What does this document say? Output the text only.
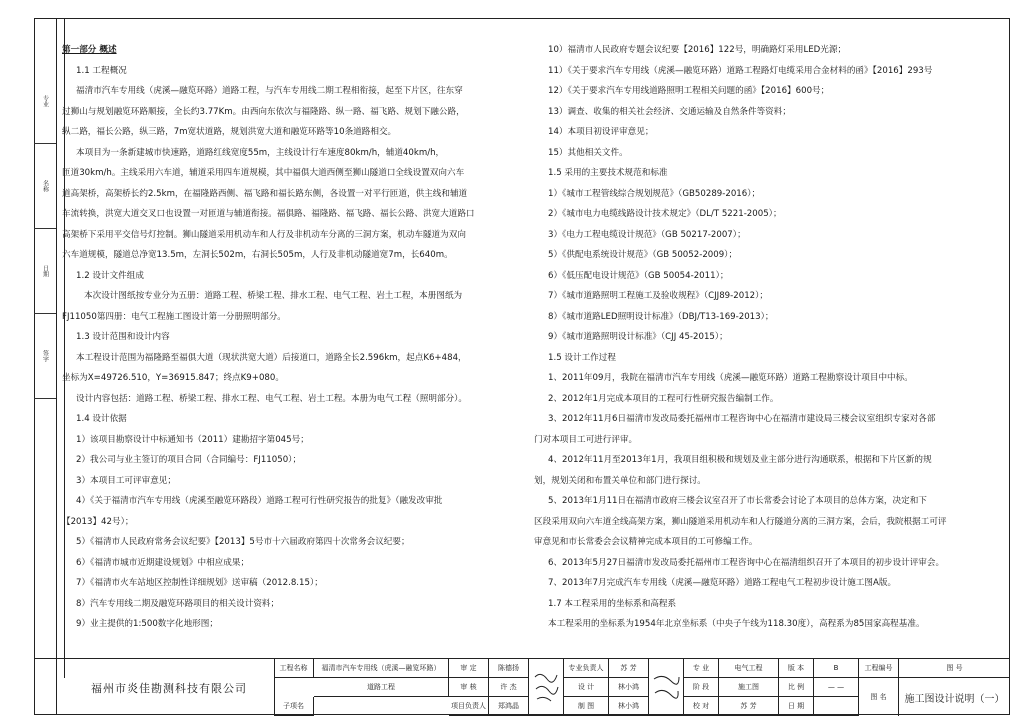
专业
名称
日期
签字

第一部分 概述

1.1 工程概况

福清市汽车专用线（虎溪—融览环路）道路工程，与汽车专用线二期工程相衔接，起至下片区，往东穿

过狮山与规划融览环路顺接，全长约3.77Km。由西向东依次与福隆路、纵一路、福飞路、规划下融公路，

纵二路，福长公路，纵三路，7m宽状道路，规划洪宽大道和融览环路等10条道路相交。

本项目为一条新建城市快速路，道路红线宽度55m，主线设计行车速度80km/h，辅道40km/h，

匝道30km/h。主线采用六车道，辅道采用四车道规模，其中福俱大道西侧至狮山隧道口全线设置双向六车

道高架桥，高架桥长约2.5km，在福隆路西侧、福飞路和福长路东侧，各设置一对平行匝道，供主线和辅道

车流转换，洪宽大道交叉口也设置一对匝道与辅道衔接。福俱路、福隆路、福飞路、福长公路、洪宽大道路口

高架桥下采用平交信号灯控制。狮山隧道采用机动车和人行及非机动车分离的三洞方案，机动车隧道为双向

六车道规模，隧道总净宽13.5m，左洞长502m，右洞长505m，人行及非机动隧道宽7m，长640m。

1.2 设计文件组成

本次设计图纸按专业分为五册：道路工程、桥梁工程、排水工程、电气工程、岩土工程，本册图纸为

FJ11050第四册：电气工程施工图设计第一分册照明部分。

1.3 设计范围和设计内容

本工程设计范围为福隆路至福俱大道（现状洪宽大道）后接道口，道路全长2.596km，起点K6+484，

坐标为X=49726.510，Y=36915.847；终点K9+080。

设计内容包括：道路工程、桥梁工程、排水工程、电气工程、岩土工程。本册为电气工程（照明部分）。

1.4 设计依据

1）该项目勘察设计中标通知书（2011）建勘招字第045号；

2）我公司与业主签订的项目合同（合同编号：FJ11050）；

3）本项目工可评审意见；

4）《关于福清市汽车专用线（虎溪至融览环路段）道路工程可行性研究报告的批复》（融发改审批

【2013】42号）；

5）《福清市人民政府常务会议纪要》【2013】5号市十六届政府第四十次常务会议纪要；

6）《福清市城市近期建设规划》中相应成果；

7）《福清市火车站地区控制性详细规划》送审稿（2012.8.15）；

8）汽车专用线二期及融览环路项目的相关设计资料；

9）业主提供的1:500数字化地形图；

10）福清市人民政府专题会议纪要【2016】122号，明确路灯采用LED光源；

11）《关于要求汽车专用线（虎溪—融览环路）道路工程路灯电缆采用合金材料的函》【2016】293号

12）《关于要求汽车专用线道路照明工程相关问题的函》【2016】600号；

13）调查、收集的相关社会经济、交通运输及自然条件等资料；

14）本项目初设评审意见；

15）其他相关文件。

1.5 采用的主要技术规范和标准

1）《城市工程管线综合规划规范》（GB50289-2016）；

2）《城市电力电缆线路设计技术规定》（DL/T 5221-2005）；

3）《电力工程电缆设计规范》（GB 50217-2007）；

5）《供配电系统设计规范》（GB 50052-2009）；

6）《低压配电设计规范》（GB 50054-2011）；

7）《城市道路照明工程施工及验收规程》（CJJ89-2012）；

8）《城市道路LED照明设计标准》（DBJ/T13-169-2013）；

9）《城市道路照明设计标准》（CJJ 45-2015）；

1.5 设计工作过程

1、2011年09月，我院在福清市汽车专用线（虎溪—融览环路）道路工程勘察设计项目中中标。

2、2012年1月完成本项目的工程可行性研究报告编制工作。

3、2012年11月6日福清市发改局委托福州市工程咨询中心在福清市建设局三楼会议室组织专家对各部

门对本项目工可进行评审。

4、2012年11月至2013年1月，我项目组积极和规划及业主部分进行沟通联系，根据和下片区新的规

划，规划关闭和布置关单位和部门进行探讨。

5、2013年1月11日在福清市政府三楼会议室召开了市长常委会讨论了本项目的总体方案，决定和下

区段采用双向六车道全线高架方案，狮山隧道采用机动车和人行隧道分离的三洞方案，会后，我院根据工可评

审意见和市长常委会会议精神完成本项目的工可修编工作。

6、2013年5月27日福清市发改局委托福州市工程咨询中心在福清组织召开了本项目的初步设计评审会。

7、2013年7月完成汽车专用线（虎溪—融览环路）道路工程电气工程初步设计施工图A版。

1.7 本工程采用的坐标系和高程系

本工程采用的坐标系为1954年北京坐标系（中央子午线为118.30度），高程系为85国家高程基准。

福州市炎佳勘测科技有限公司
工程名称	福清市汽车专用线（虎溪—融览环路）
道路工程
子项名
审 定	陈德扬
审 核	许 杰
项目负责人	郑鸿晶
专业负责人	苏 芳
设 计	林小鸿
制 图	林小鸿
专 业	电气工程
阶 段	施工图
校 对	苏 芳
版 本	B
比 例	— —
日 期
工程编号	图 号
图 名	施工图设计说明（一）
